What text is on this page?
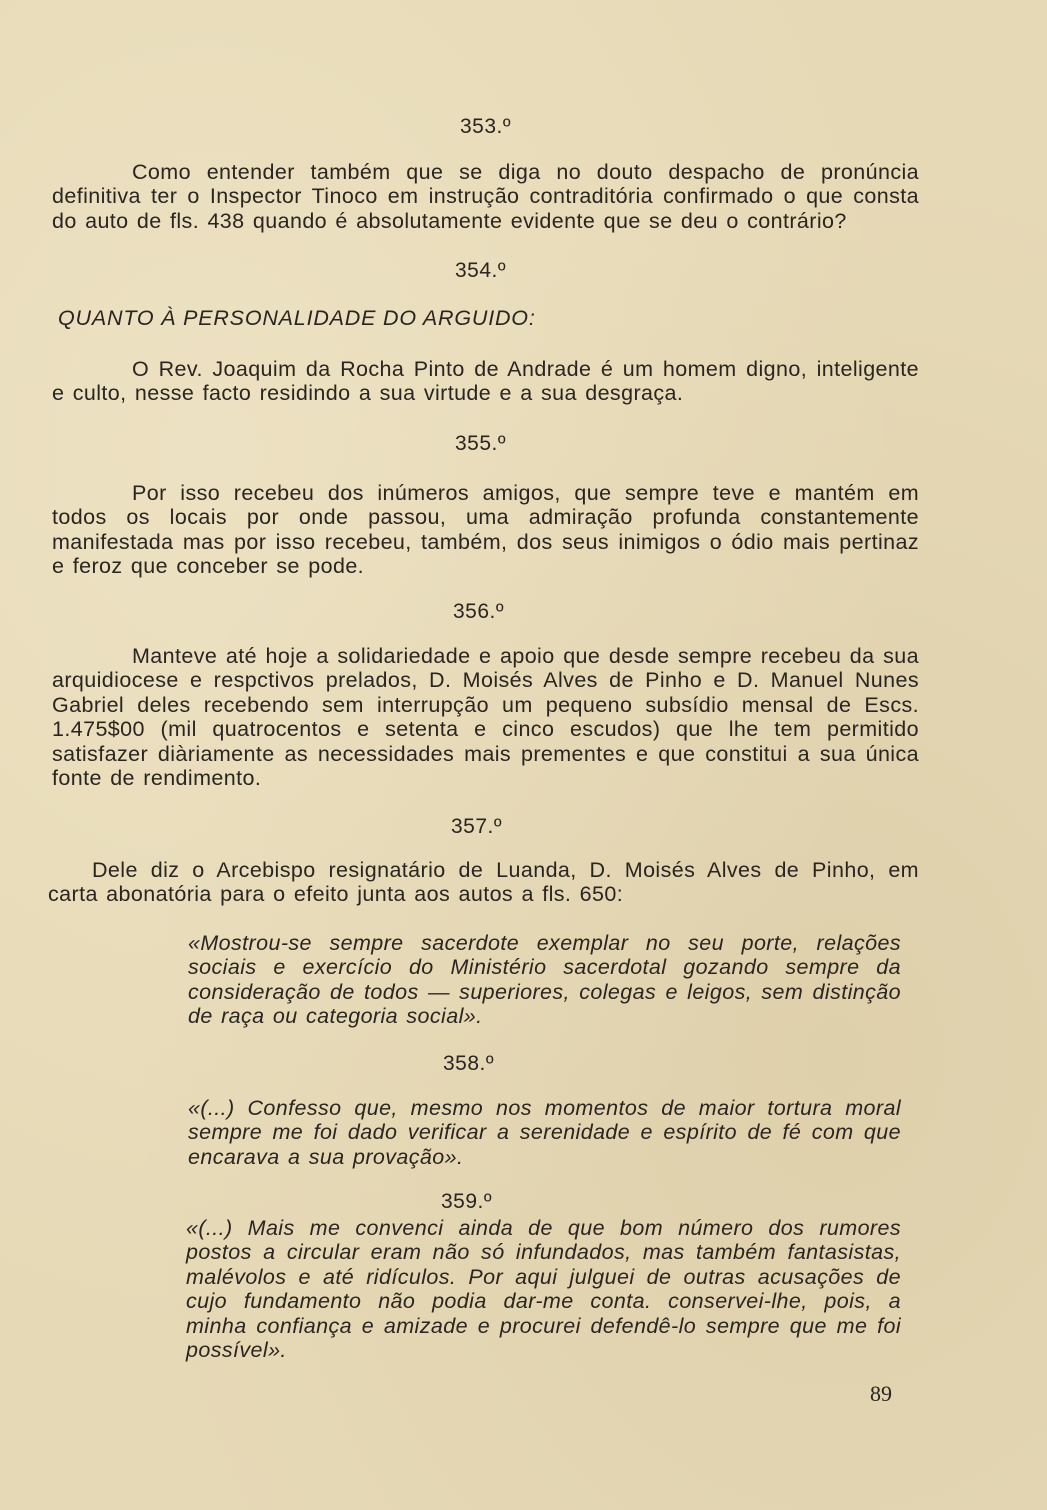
353.º

Como entender também que se diga no douto despacho de pronúncia definitiva ter o Inspector Tinoco em instrução contraditória confirmado o que consta do auto de fls. 438 quando é absolutamente evidente que se deu o contrário?

354.º

QUANTO À PERSONALIDADE DO ARGUIDO:

O Rev. Joaquim da Rocha Pinto de Andrade é um homem digno, inteligente e culto, nesse facto residindo a sua virtude e a sua desgraça.

355.º

Por isso recebeu dos inúmeros amigos, que sempre teve e mantém em todos os locais por onde passou, uma admiração profunda constantemente manifestada mas por isso recebeu, também, dos seus inimigos o ódio mais pertinaz e feroz que conceber se pode.

356.º

Manteve até hoje a solidariedade e apoio que desde sempre recebeu da sua arquidiocese e respctivos prelados, D. Moisés Alves de Pinho e D. Manuel Nunes Gabriel deles recebendo sem interrupção um pequeno subsídio mensal de Escs. 1.475$00 (mil quatrocentos e setenta e cinco escudos) que lhe tem permitido satisfazer diàriamente as necessidades mais prementes e que constitui a sua única fonte de rendimento.

357.º

Dele diz o Arcebispo resignatário de Luanda, D. Moisés Alves de Pinho, em carta abonatória para o efeito junta aos autos a fls. 650:

«Mostrou-se sempre sacerdote exemplar no seu porte, relações sociais e exercício do Ministério sacerdotal gozando sempre da consideração de todos — superiores, colegas e leigos, sem distinção de raça ou categoria social».

358.º

«(...) Confesso que, mesmo nos momentos de maior tortura moral sempre me foi dado verificar a serenidade e espírito de fé com que encarava a sua provação».

359.º

«(...) Mais me convenci ainda de que bom número dos rumores postos a circular eram não só infundados, mas também fantasistas, malévolos e até ridículos. Por aqui julguei de outras acusações de cujo fundamento não podia dar-me conta. conservei-lhe, pois, a minha confiança e amizade e procurei defendê-lo sempre que me foi possível».

89
